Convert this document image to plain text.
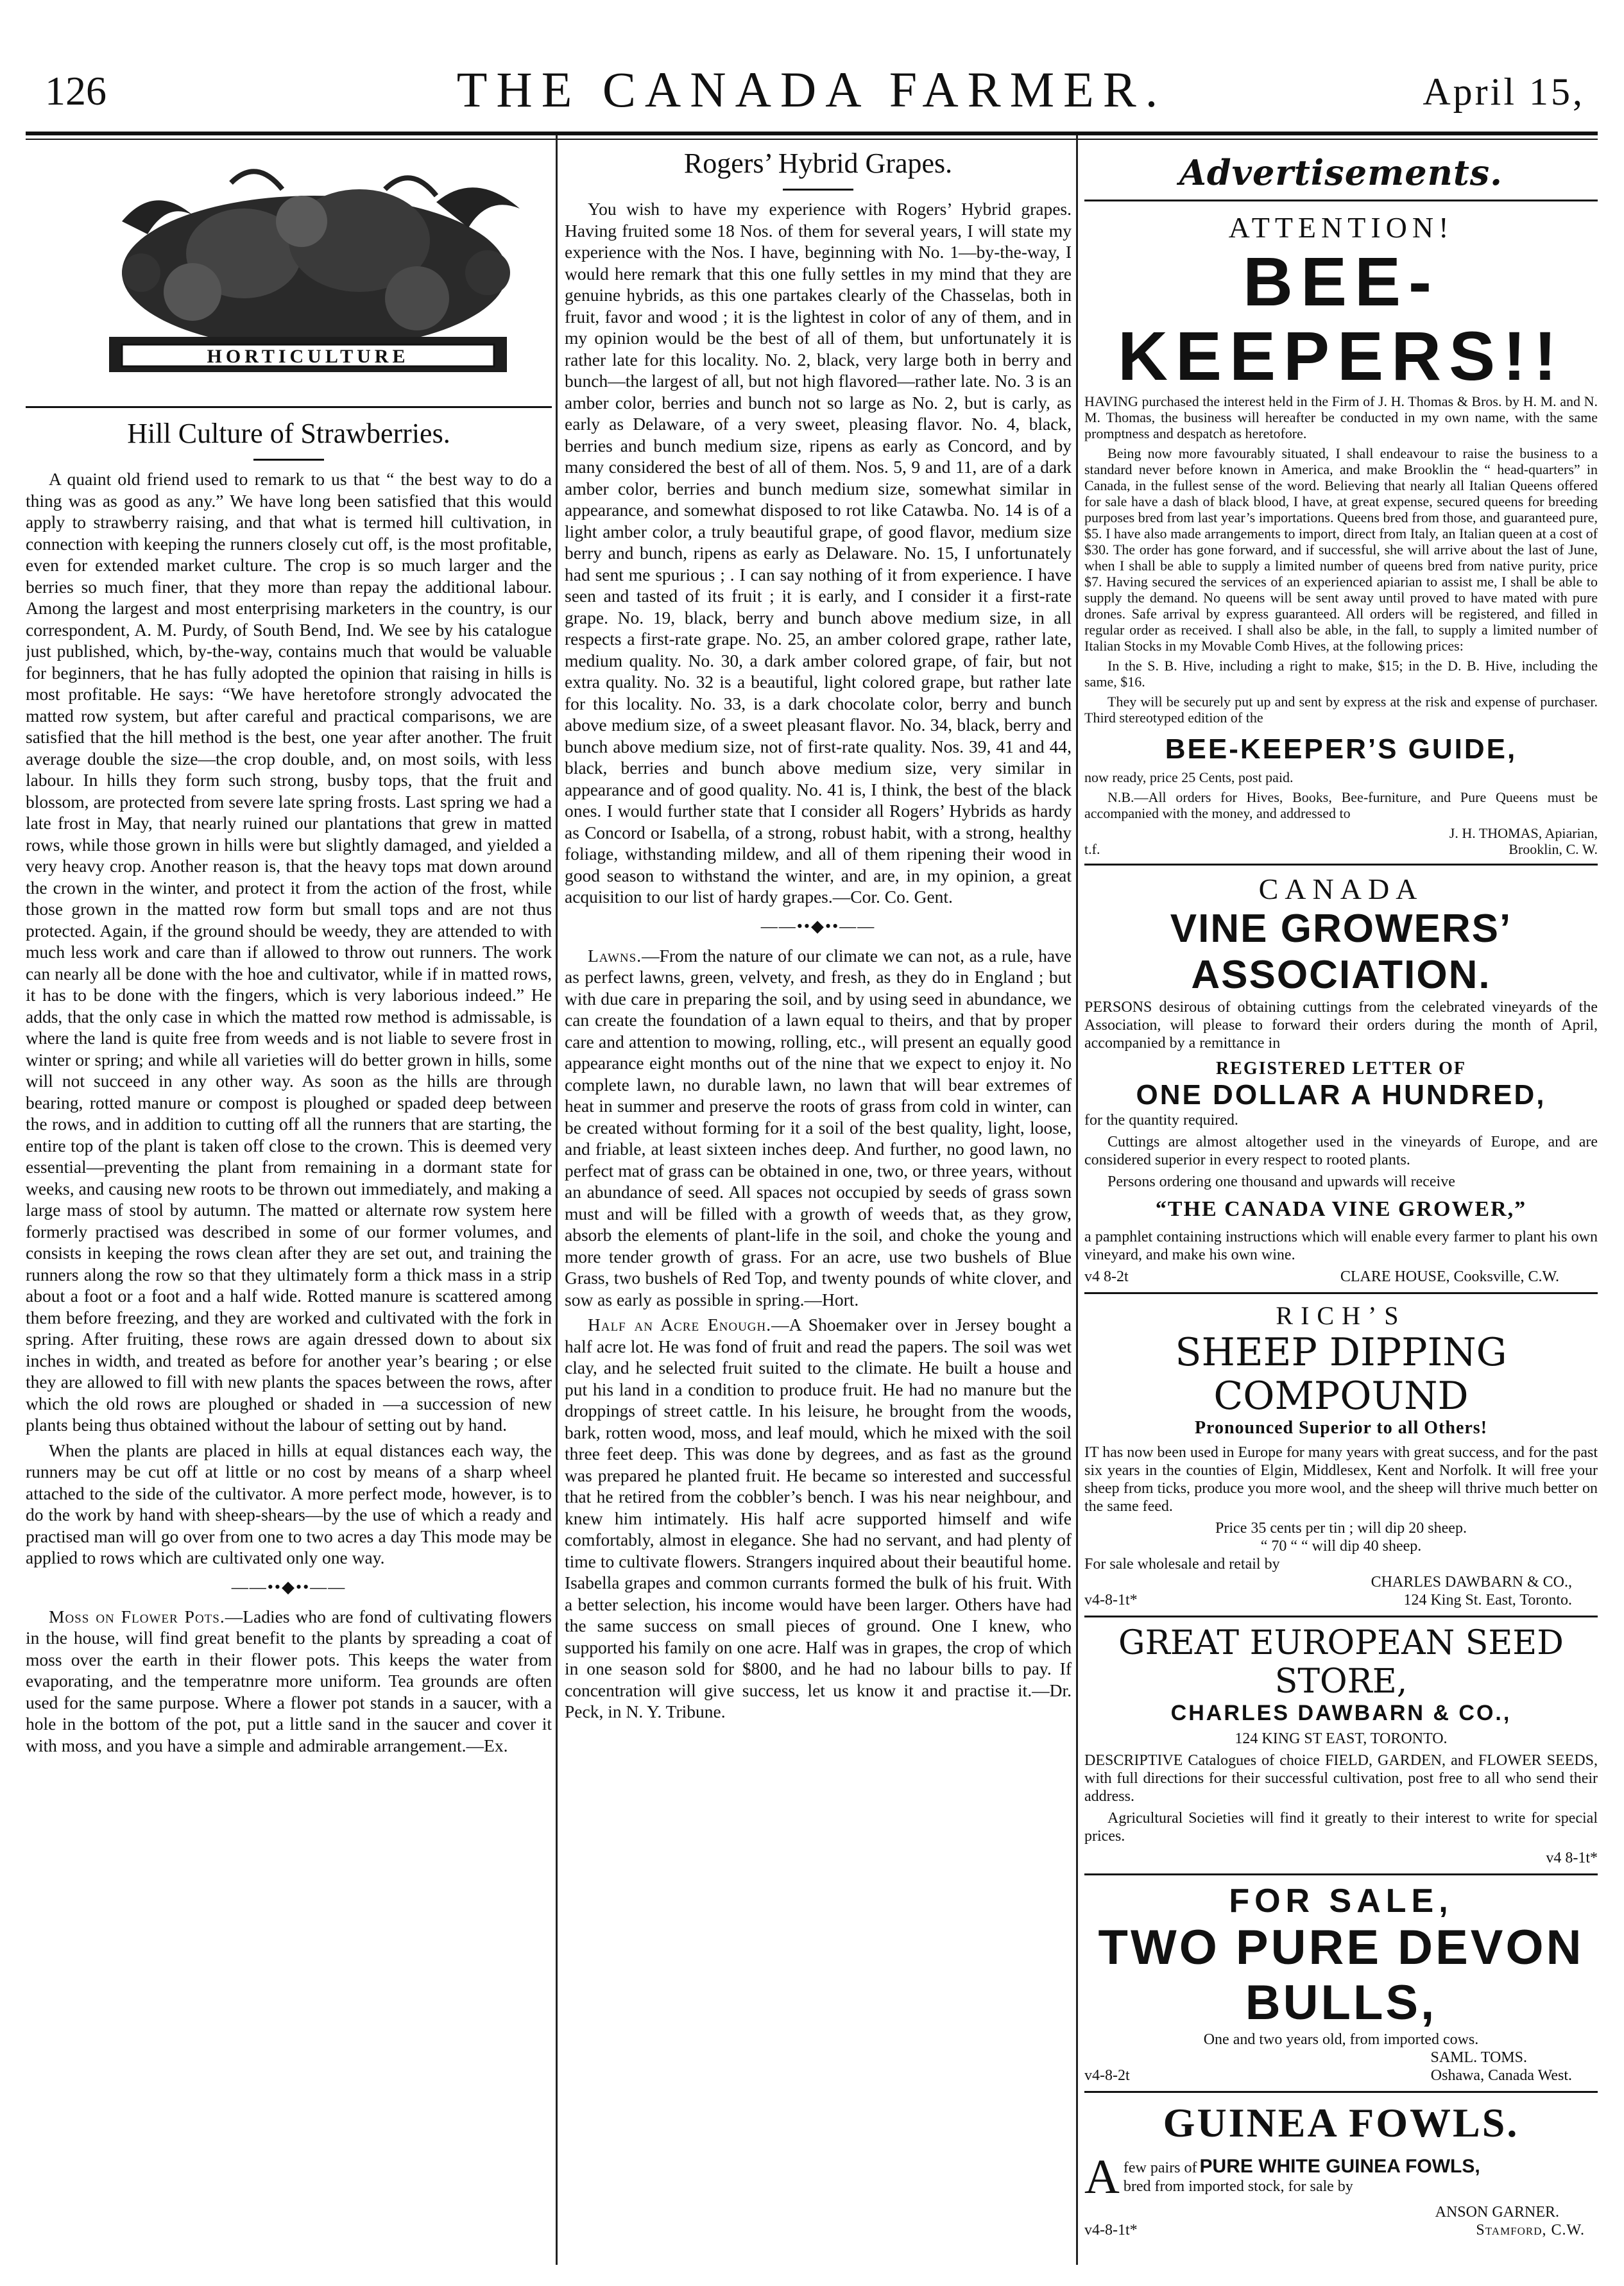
126	THE CANADA FARMER.	April 15,
HORTICULTURE
Hill Culture of Strawberries.

A quaint old friend used to remark to us that “ the best way to do a thing was as good as any.” We have long been satisfied that this would apply to strawberry raising, and that what is termed hill cultivation, in connection with keeping the runners closely cut off, is the most profitable, even for extended market culture. The crop is so much larger and the berries so much finer, that they more than repay the additional labour. Among the largest and most enterprising marketers in the country, is our correspondent, A. M. Purdy, of South Bend, Ind. We see by his catalogue just published, which, by-the-way, contains much that would be valuable for beginners, that he has fully adopted the opinion that raising in hills is most profitable. He says: “We have heretofore strongly advocated the matted row system, but after careful and practical comparisons, we are satisfied that the hill method is the best, one year after another. The fruit average double the size—the crop double, and, on most soils, with less labour. In hills they form such strong, busby tops, that the fruit and blossom, are protected from severe late spring frosts. Last spring we had a late frost in May, that nearly ruined our plantations that grew in matted rows, while those grown in hills were but slightly damaged, and yielded a very heavy crop. Another reason is, that the heavy tops mat down around the crown in the winter, and protect it from the action of the frost, while those grown in the matted row form but small tops and are not thus protected. Again, if the ground should be weedy, they are attended to with much less work and care than if allowed to throw out runners. The work can nearly all be done with the hoe and cultivator, while if in matted rows, it has to be done with the fingers, which is very laborious indeed.” He adds, that the only case in which the matted row method is admissable, is where the land is quite free from weeds and is not liable to severe frost in winter or spring; and while all varieties will do better grown in hills, some will not succeed in any other way. As soon as the hills are through bearing, rotted manure or compost is ploughed or spaded deep between the rows, and in addition to cutting off all the runners that are starting, the entire top of the plant is taken off close to the crown. This is deemed very essential—preventing the plant from remaining in a dormant state for weeks, and causing new roots to be thrown out immediately, and making a large mass of stool by autumn. The matted or alternate row system here formerly practised was described in some of our former volumes, and consists in keeping the rows clean after they are set out, and training the runners along the row so that they ultimately form a thick mass in a strip about a foot or a foot and a half wide. Rotted manure is scattered among them before freezing, and they are worked and cultivated with the fork in spring. After fruiting, these rows are again dressed down to about six inches in width, and treated as before for another year’s bearing ; or else they are allowed to fill with new plants the spaces between the rows, after which the old rows are ploughed or shaded in —a succession of new plants being thus obtained without the labour of setting out by hand.

When the plants are placed in hills at equal distances each way, the runners may be cut off at little or no cost by means of a sharp wheel attached to the side of the cultivator. A more perfect mode, however, is to do the work by hand with sheep-shears—by the use of which a ready and practised man will go over from one to two acres a day This mode may be applied to rows which are cultivated only one way.

——••◆••——

Moss on Flower Pots.—Ladies who are fond of cultivating flowers in the house, will find great benefit to the plants by spreading a coat of moss over the earth in their flower pots. This keeps the water from evaporating, and the temperatnre more uniform. Tea grounds are often used for the same purpose. Where a flower pot stands in a saucer, with a hole in the bottom of the pot, put a little sand in the saucer and cover it with moss, and you have a simple and admirable arrangement.—Ex.

Rogers’ Hybrid Grapes.

You wish to have my experience with Rogers’ Hybrid grapes. Having fruited some 18 Nos. of them for several years, I will state my experience with the Nos. I have, beginning with No. 1—by-the-way, I would here remark that this one fully settles in my mind that they are genuine hybrids, as this one partakes clearly of the Chasselas, both in fruit, favor and wood ; it is the lightest in color of any of them, and in my opinion would be the best of all of them, but unfortunately it is rather late for this locality. No. 2, black, very large both in berry and bunch—the largest of all, but not high flavored—rather late. No. 3 is an amber color, berries and bunch not so large as No. 2, but is carly, as early as Delaware, of a very sweet, pleasing flavor. No. 4, black, berries and bunch medium size, ripens as early as Concord, and by many considered the best of all of them. Nos. 5, 9 and 11, are of a dark amber color, berries and bunch medium size, somewhat similar in appearance, and somewhat disposed to rot like Catawba. No. 14 is of a light amber color, a truly beautiful grape, of good flavor, medium size berry and bunch, ripens as early as Delaware. No. 15, I unfortunately had sent me spurious ; . I can say nothing of it from experience. I have seen and tasted of its fruit ; it is early, and I consider it a first-rate grape. No. 19, black, berry and bunch above medium size, in all respects a first-rate grape. No. 25, an amber colored grape, rather late, medium quality. No. 30, a dark amber colored grape, of fair, but not extra quality. No. 32 is a beautiful, light colored grape, but rather late for this locality. No. 33, is a dark chocolate color, berry and bunch above medium size, of a sweet pleasant flavor. No. 34, black, berry and bunch above medium size, not of first-rate quality. Nos. 39, 41 and 44, black, berries and bunch above medium size, very similar in appearance and of good quality. No. 41 is, I think, the best of the black ones. I would further state that I consider all Rogers’ Hybrids as hardy as Concord or Isabella, of a strong, robust habit, with a strong, healthy foliage, withstanding mildew, and all of them ripening their wood in good season to withstand the winter, and are, in my opinion, a great acquisition to our list of hardy grapes.—Cor. Co. Gent.

——••◆••——

Lawns.—From the nature of our climate we can not, as a rule, have as perfect lawns, green, velvety, and fresh, as they do in England ; but with due care in preparing the soil, and by using seed in abundance, we can create the foundation of a lawn equal to theirs, and that by proper care and attention to mowing, rolling, etc., will present an equally good appearance eight months out of the nine that we expect to enjoy it. No complete lawn, no durable lawn, no lawn that will bear extremes of heat in summer and preserve the roots of grass from cold in winter, can be created without forming for it a soil of the best quality, light, loose, and friable, at least sixteen inches deep. And further, no good lawn, no perfect mat of grass can be obtained in one, two, or three years, without an abundance of seed. All spaces not occupied by seeds of grass sown must and will be filled with a growth of weeds that, as they grow, absorb the elements of plant-life in the soil, and choke the young and more tender growth of grass. For an acre, use two bushels of Blue Grass, two bushels of Red Top, and twenty pounds of white clover, and sow as early as possible in spring.—Hort.

Half an Acre Enough.—A Shoemaker over in Jersey bought a half acre lot. He was fond of fruit and read the papers. The soil was wet clay, and he selected fruit suited to the climate. He built a house and put his land in a condition to produce fruit. He had no manure but the droppings of street cattle. In his leisure, he brought from the woods, bark, rotten wood, moss, and leaf mould, which he mixed with the soil three feet deep. This was done by degrees, and as fast as the ground was prepared he planted fruit. He became so interested and successful that he retired from the cobbler’s bench. I was his near neighbour, and knew him intimately. His half acre supported himself and wife comfortably, almost in elegance. She had no servant, and had plenty of time to cultivate flowers. Strangers inquired about their beautiful home. Isabella grapes and common currants formed the bulk of his fruit. With a better selection, his income would have been larger. Others have had the same success on small pieces of ground. One I knew, who supported his family on one acre. Half was in grapes, the crop of which in one season sold for $800, and he had no labour bills to pay. If concentration will give success, let us know it and practise it.—Dr. Peck, in N. Y. Tribune.

Advertisements.
ATTENTION!
BEE-KEEPERS!!

HAVING purchased the interest held in the Firm of J. H. Thomas & Bros. by H. M. and N. M. Thomas, the business will hereafter be conducted in my own name, with the same promptness and despatch as heretofore.

Being now more favourably situated, I shall endeavour to raise the business to a standard never before known in America, and make Brooklin the “ head-quarters” in Canada, in the fullest sense of the word. Believing that nearly all Italian Queens offered for sale have a dash of black blood, I have, at great expense, secured queens for breeding purposes bred from last year’s importations. Queens bred from those, and guaranteed pure, $5. I have also made arrangements to import, direct from Italy, an Italian queen at a cost of $30. The order has gone forward, and if successful, she will arrive about the last of June, when I shall be able to supply a limited number of queens bred from native purity, price $7. Having secured the services of an experienced apiarian to assist me, I shall be able to supply the demand. No queens will be sent away until proved to have mated with pure drones. Safe arrival by express guaranteed. All orders will be registered, and filled in regular order as received. I shall also be able, in the fall, to supply a limited number of Italian Stocks in my Movable Comb Hives, at the following prices:

In the S. B. Hive, including a right to make, $15; in the D. B. Hive, including the same, $16.

They will be securely put up and sent by express at the risk and expense of purchaser. Third stereotyped edition of the

BEE-KEEPER’S GUIDE,

now ready, price 25 Cents, post paid.

N.B.—All orders for Hives, Books, Bee-furniture, and Pure Queens must be accompanied with the money, and addressed to

J. H. THOMAS, Apiarian,
t.f.	Brooklin, C. W.
CANADA
VINE GROWERS’ ASSOCIATION.

PERSONS desirous of obtaining cuttings from the celebrated vineyards of the Association, will please to forward their orders during the month of April, accompanied by a remittance in

REGISTERED LETTER OF
ONE DOLLAR A HUNDRED,

for the quantity required.

Cuttings are almost altogether used in the vineyards of Europe, and are considered superior in every respect to rooted plants.

Persons ordering one thousand and upwards will receive

“THE CANADA VINE GROWER,”

a pamphlet containing instructions which will enable every farmer to plant his own vineyard, and make his own wine.

v4 8-2t	CLARE HOUSE, Cooksville, C.W.
RICH’S
SHEEP DIPPING COMPOUND
Pronounced Superior to all Others!

IT has now been used in Europe for many years with great success, and for the past six years in the counties of Elgin, Middlesex, Kent and Norfolk. It will free your sheep from ticks, produce you more wool, and the sheep will thrive much better on the same feed.

Price 35 cents per tin ; will dip 20 sheep.
“ 70 “ “ will dip 40 sheep.
For sale wholesale and retail by
CHARLES DAWBARN & CO.,
v4-8-1t*	124 King St. East, Toronto.
GREAT EUROPEAN SEED STORE,
CHARLES DAWBARN & CO.,
124 KING ST EAST, TORONTO.

DESCRIPTIVE Catalogues of choice FIELD, GARDEN, and FLOWER SEEDS, with full directions for their successful cultivation, post free to all who send their address.

Agricultural Societies will find it greatly to their interest to write for special prices.

v4 8-1t*
FOR SALE,
TWO PURE DEVON BULLS,
One and two years old, from imported cows.
SAML. TOMS.
v4-8-2t	Oshawa, Canada West.
GUINEA FOWLS.
A few pairs of PURE WHITE GUINEA FOWLS,
bred from imported stock, for sale by
ANSON GARNER.
v4-8-1t*	Stamford, C.W.
